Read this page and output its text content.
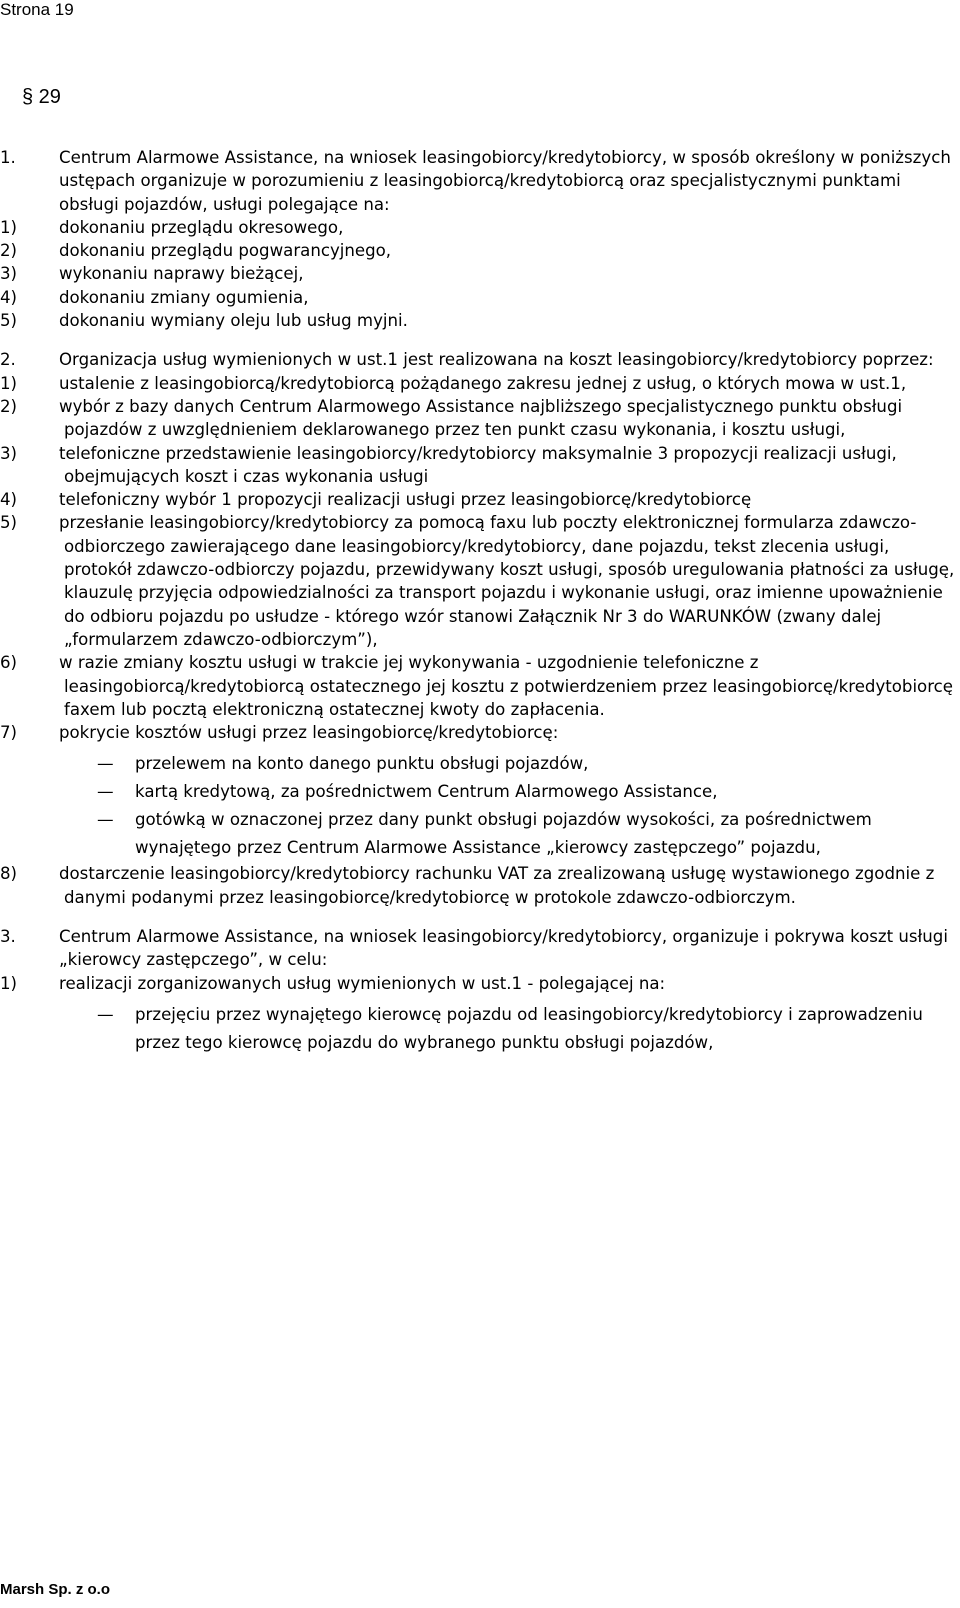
Strona 19
§ 29
1.	Centrum Alarmowe Assistance, na wniosek leasingobiorcy/kredytobiorcy, w sposób określony w poniższych ustępach organizuje w porozumieniu z leasingobiorcą/kredytobiorcą oraz specjalistycznymi punktami obsługi pojazdów, usługi polegające na:
1)	dokonaniu przeglądu okresowego,
2)	dokonaniu przeglądu pogwarancyjnego,
3)	wykonaniu naprawy bieżącej,
4)	dokonaniu zmiany ogumienia,
5)	dokonaniu wymiany oleju lub usług myjni.
2.	Organizacja usług wymienionych w ust.1 jest realizowana na koszt leasingobiorcy/kredytobiorcy poprzez:
1)	ustalenie z leasingobiorcą/kredytobiorcą pożądanego zakresu jednej z usług, o których mowa w ust.1,
2)	wybór z bazy danych Centrum Alarmowego Assistance najbliższego specjalistycznego punktu obsługi pojazdów z uwzględnieniem deklarowanego przez ten punkt czasu wykonania, i kosztu usługi,
3)	telefoniczne przedstawienie leasingobiorcy/kredytobiorcy maksymalnie 3 propozycji realizacji usługi, obejmujących koszt i czas wykonania usługi
4)	telefoniczny wybór 1 propozycji realizacji usługi przez leasingobiorcę/kredytobiorcę
5)	przesłanie leasingobiorcy/kredytobiorcy za pomocą faxu lub poczty elektronicznej formularza zdawczo-odbiorczego zawierającego dane leasingobiorcy/kredytobiorcy, dane pojazdu, tekst zlecenia usługi, protokół zdawczo-odbiorczy pojazdu, przewidywany koszt usługi, sposób uregulowania płatności za usługę, klauzulę przyjęcia odpowiedzialności za transport pojazdu i wykonanie usługi, oraz imienne upoważnienie do odbioru pojazdu po usłudze - którego wzór stanowi Załącznik Nr 3 do WARUNKÓW (zwany dalej „formularzem zdawczo-odbiorczym”),
6)	w razie zmiany kosztu usługi w trakcie jej wykonywania - uzgodnienie telefoniczne z leasingobiorcą/kredytobiorcą ostatecznego jej kosztu z potwierdzeniem przez leasingobiorcę/kredytobiorcę faxem lub pocztą elektroniczną ostatecznej kwoty do zapłacenia.
7)	pokrycie kosztów usługi przez leasingobiorcę/kredytobiorcę:
— przelewem na konto danego punktu obsługi pojazdów,
— kartą kredytową, za pośrednictwem Centrum Alarmowego Assistance,
— gotówką w oznaczonej przez dany punkt obsługi pojazdów wysokości, za pośrednictwem wynajętego przez Centrum Alarmowe Assistance „kierowcy zastępczego” pojazdu,
8)	dostarczenie leasingobiorcy/kredytobiorcy rachunku VAT za zrealizowaną usługę wystawionego zgodnie z danymi podanymi przez leasingobiorcę/kredytobiorcę w protokole zdawczo-odbiorczym.
3.	Centrum Alarmowe Assistance, na wniosek leasingobiorcy/kredytobiorcy, organizuje i pokrywa koszt usługi „kierowcy zastępczego”, w celu:
1)	realizacji zorganizowanych usług wymienionych w ust.1 - polegającej na:
— przejęciu przez wynajętego kierowcę pojazdu od leasingobiorcy/kredytobiorcy i zaprowadzeniu przez tego kierowcę pojazdu do wybranego punktu obsługi pojazdów,
Marsh Sp. z o.o
